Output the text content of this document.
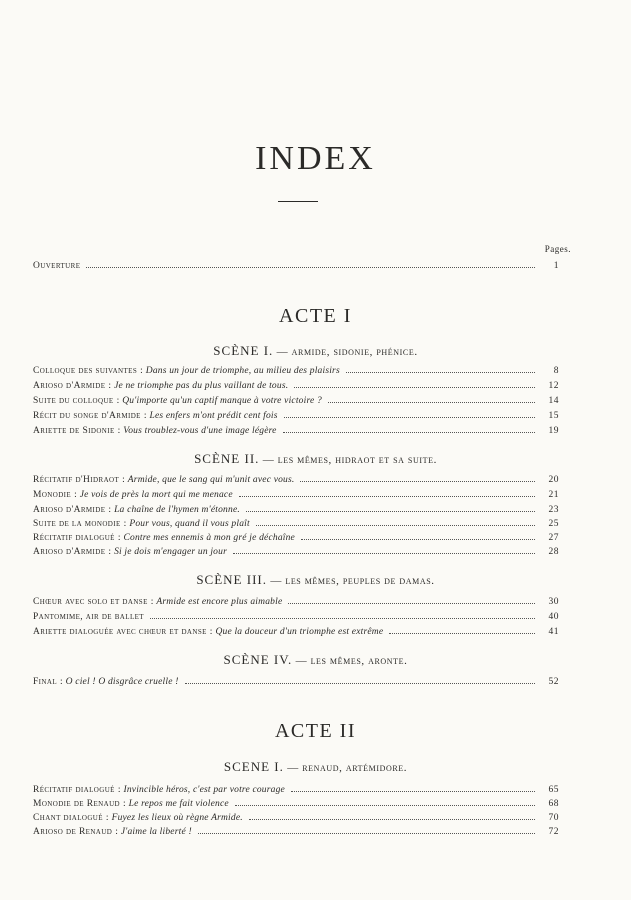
INDEX
Pages.
Ouverture	1
ACTE I
SCÈNE I. — armide, sidonie, phénice.
Colloque des suivantes : Dans un jour de triomphe, au milieu des plaisirs	8
Arioso d'Armide : Je ne triomphe pas du plus vaillant de tous.	12
Suite du colloque : Qu'importe qu'un captif manque à votre victoire ?	14
Récit du songe d'Armide : Les enfers m'ont prédit cent fois	15
Ariette de Sidonie : Vous troublez-vous d'une image légère	19
SCÈNE II. — les mêmes, hidraot et sa suite.
Récitatif d'Hidraot : Armide, que le sang qui m'unit avec vous.	20
Monodie : Je vois de près la mort qui me menace	21
Arioso d'Armide : La chaîne de l'hymen m'étonne.	23
Suite de la monodie : Pour vous, quand il vous plaît	25
Récitatif dialogué : Contre mes ennemis à mon gré je déchaîne	27
Arioso d'Armide : Si je dois m'engager un jour	28
SCÈNE III. — les mêmes, peuples de damas.
Chœur avec solo et danse : Armide est encore plus aimable	30
Pantomime, air de ballet	40
Ariette dialoguée avec chœur et danse : Que la douceur d'un triomphe est extrême	41
SCÈNE IV. — les mêmes, aronte.
Final : O ciel ! O disgrâce cruelle !	52
ACTE II
SCENE I. — renaud, artémidore.
Récitatif dialogué : Invincible héros, c'est par votre courage	65
Monodie de Renaud : Le repos me fait violence	68
Chant dialogué : Fuyez les lieux où règne Armide.	70
Arioso de Renaud : J'aime la liberté !	72
